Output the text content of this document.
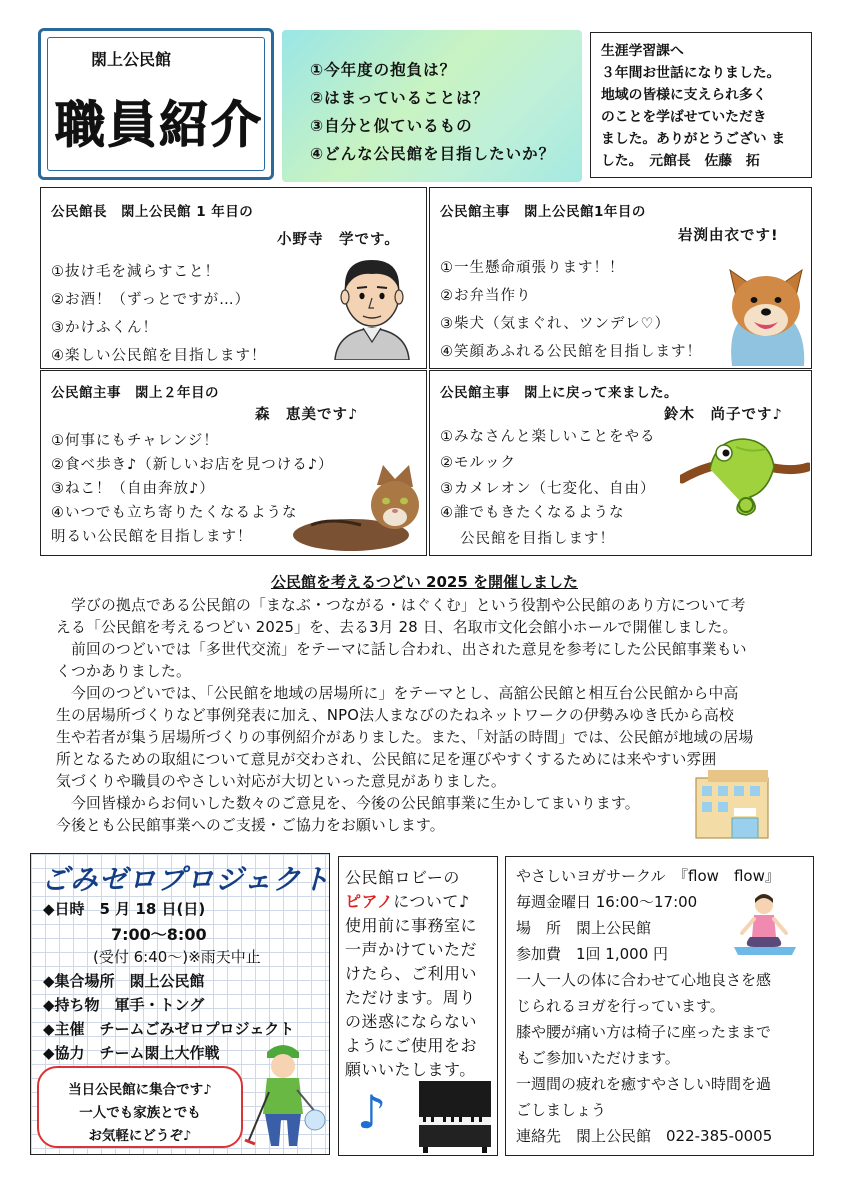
閖上公民館
職員紹介
①今年度の抱負は？
②はまっていることは？
③自分と似ているもの
④どんな公民館を目指したいか？
生涯学習課へ
３年間お世話になりました。
地域の皆様に支えられ多く
のことを学ばせていただき
ました。ありがとうござい ま
した。　元館長　佐藤　拓
公民館長　閖上公民館 1 年目の
小野寺　学です。
①抜け毛を減らすこと！
②お酒！（ずっとですが…）
③かけふくん！
④楽しい公民館を目指します！
公民館主事　閖上公民館1年目の
岩渕由衣です!
①一生懸命頑張ります！！
②お弁当作り
③柴犬（気まぐれ、ツンデレ♡）
④笑顔あふれる公民館を目指します！
公民館主事　閖上２年目の
森　恵美です♪
①何事にもチャレンジ！
②食べ歩き♪（新しいお店を見つける♪）
③ねこ！（自由奔放♪）
④いつでも立ち寄りたくなるような
明るい公民館を目指します！
公民館主事　閖上に戻って来ました。
鈴木　尚子です♪
①みなさんと楽しいことをやる
②モルック
③カメレオン（七変化、自由）
④誰でもきたくなるような
公民館を目指します！
公民館を考えるつどい 2025 を開催しました
　学びの拠点である公民館の「まなぶ・つながる・はぐくむ」という役割や公民館のあり方について考
える「公民館を考えるつどい 2025」を、去る3月 28 日、名取市文化会館小ホールで開催しました。
　前回のつどいでは「多世代交流」をテーマに話し合われ、出された意見を参考にした公民館事業もい
くつかありました。
　今回のつどいでは、「公民館を地域の居場所に」をテーマとし、高舘公民館と相互台公民館から中高
生の居場所づくりなど事例発表に加え、NPO法人まなびのたねネットワークの伊勢みゆき氏から高校
生や若者が集う居場所づくりの事例紹介がありました。また、「対話の時間」では、公民館が地域の居場
所となるための取組について意見が交わされ、公民館に足を運びやすくするためには来やすい雰囲
気づくりや職員のやさしい対応が大切といった意見がありました。
　今回皆様からお伺いした数々のご意見を、今後の公民館事業に生かしてまいります。
今後とも公民館事業へのご支援・ご協力をお願いします。
ごみゼロプロジェクト
◆日時　5 月 18 日(日)
7:00～8:00
(受付 6:40～)※雨天中止
◆集合場所　閖上公民館
◆持ち物　軍手・トング
◆主催　チームごみゼロプロジェクト
◆協力　チーム閖上大作戦
当日公民館に集合です♪
一人でも家族とでも
お気軽にどうぞ♪
公民館ロビーの
ピアノについて♪
使用前に事務室に
一声かけていただ
けたら、ご利用い
ただけます。周り
の迷惑にならない
ようにご使用をお
願いいたします。
♪
やさしいヨガサークル　『flow　flow』
毎週金曜日 16:00～17:00
場　所　閖上公民館
参加費　1回 1,000 円
一人一人の体に合わせて心地良さを感
じられるヨガを行っています。
膝や腰が痛い方は椅子に座ったままで
もご参加いただけます。
一週間の疲れを癒すやさしい時間を過
ごしましょう
連絡先　閖上公民館　022-385-0005
